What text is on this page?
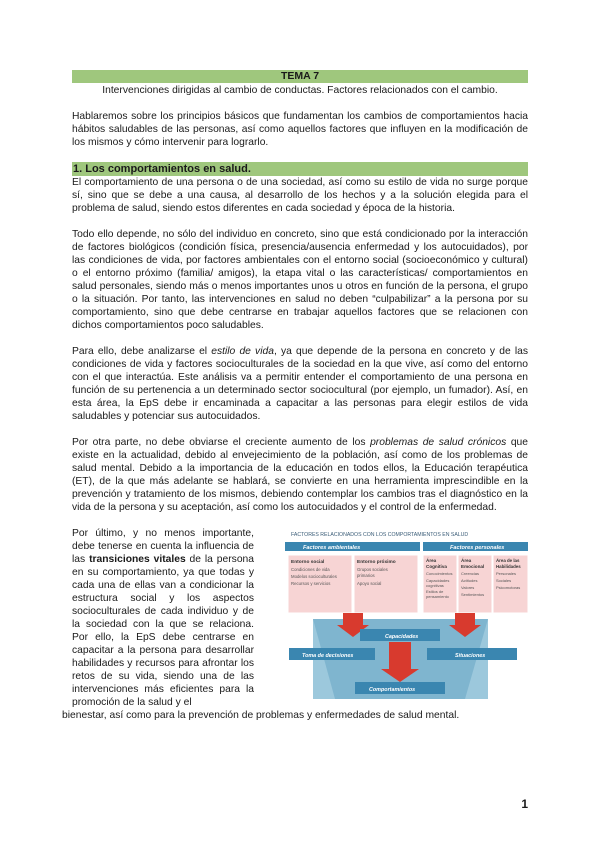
TEMA 7
Intervenciones dirigidas al cambio de conductas. Factores relacionados con el cambio.

Hablaremos sobre los principios básicos que fundamentan los cambios de comportamientos hacia hábitos saludables de las personas, así como aquellos factores que influyen en la modificación de los mismos y cómo intervenir para lograrlo.

1. Los comportamientos en salud.

El comportamiento de una persona o de una sociedad, así como su estilo de vida no surge porque sí, sino que se debe a una causa, al desarrollo de los hechos y a la solución elegida para el problema de salud, siendo estos diferentes en cada sociedad y época de la historia.

Todo ello depende, no sólo del individuo en concreto, sino que está condicionado por la interacción de factores biológicos (condición física, presencia/ausencia enfermedad y los autocuidados), por las condiciones de vida, por factores ambientales con el entorno social (socioeconómico y cultural) o el entorno próximo (familia/ amigos), la etapa vital o las características/ comportamientos en salud personales, siendo más o menos importantes unos u otros en función de la persona, el grupo o la situación. Por tanto, las intervenciones en salud no deben “culpabilizar” a la persona por su comportamiento, sino que debe centrarse en trabajar aquellos factores que se relacionen con dichos comportamientos poco saludables.

Para ello, debe analizarse el estilo de vida, ya que depende de la persona en concreto y de las condiciones de vida y factores socioculturales de la sociedad en la que vive, así como del entorno con el que interactúa. Este análisis va a permitir entender el comportamiento de una persona en función de su pertenencia a un determinado sector sociocultural (por ejemplo, un fumador). Así, en esta área, la EpS debe ir encaminada a capacitar a las personas para elegir estilos de vida saludables y potenciar sus autocuidados.

Por otra parte, no debe obviarse el creciente aumento de los problemas de salud crónicos que existe en la actualidad, debido al envejecimiento de la población, así como de los problemas de salud mental. Debido a la importancia de la educación en todos ellos, la Educación terapéutica (ET), de la que más adelante se hablará, se convierte en una herramienta imprescindible en la prevención y tratamiento de los mismos, debiendo contemplar los cambios tras el diagnóstico en la vida de la persona y su aceptación, así como los autocuidados y el control de la enfermedad.

Por último, y no menos importante, debe tenerse en cuenta la influencia de las transiciones vitales de la persona en su comportamiento, ya que todas y cada una de ellas van a condicionar la estructura social y los aspectos socioculturales de cada individuo y de la sociedad con la que se relaciona. Por ello, la EpS debe centrarse en capacitar a la persona para desarrollar habilidades y recursos para afrontar los retos de su vida, siendo una de las intervenciones más eficientes para la promoción de la salud y el
FACTORES RELACIONADOS CON LOS COMPORTAMIENTOS EN SALUD
Factores ambientales	Factores personales
Entorno social
Condiciones de vida
Modelos socioculturales
Recursos y servicios
Entorno próximo
Grupos sociales
primarios
Apoyo social
Área
Cognitiva
Conocimientos
Capacidades
cognitivas
Estilos de
pensamiento
Área
Emocional
Creencias
Actitudes
Valores
Sentimientos
Área de las
Habilidades
Personales
Sociales
Psicomotoras
Capacidades
Toma de decisiones	Situaciones
Comportamientos

bienestar, así como para la prevención de problemas y enfermedades de salud mental.

1
